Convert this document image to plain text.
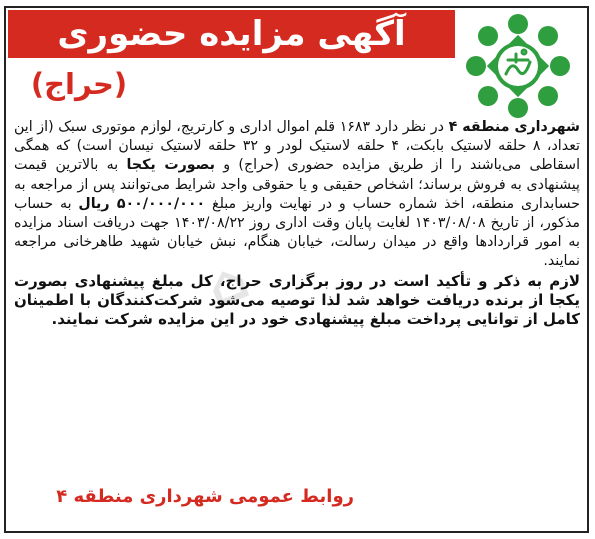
آگهی مزایده حضوری
(حراج)
⌂

شهرداری منطقه ۴ در نظر دارد ۱۶۸۳ قلم اموال اداری و کارتریج، لوازم موتوری سبک (از این تعداد، ۸ حلقه لاستیک بابکت، ۴ حلقه لاستیک لودر و ۳۲ حلقه لاستیک نیسان است) که همگی اسقاطی می‌باشند را از طریق مزایده حضوری (حراج) و بصورت یکجا به بالاترین قیمت پیشنهادی به فروش برساند؛ اشخاص حقیقی و یا حقوقی واجد شرایط می‌توانند پس از مراجعه به حسابداری منطقه، اخذ شماره حساب و در نهایت واریز مبلغ ۵۰۰/۰۰۰/۰۰۰ ریال به حساب مذکور، از تاریخ ۱۴۰۳/۰۸/۰۸ لغایت پایان وقت اداری روز ۱۴۰۳/۰۸/۲۲ جهت دریافت اسناد مزایده به امور قراردادها واقع در میدان رسالت، خیابان هنگام، نبش خیابان شهید طاهرخانی مراجعه نمایند.

لازم به ذکر و تأکید است در روز برگزاری حراج، کل مبلغ پیشنهادی بصورت یکجا از برنده دریافت خواهد شد لذا توصیه می‌شود شرکت‌کنندگان با اطمینان کامل از توانایی پرداخت مبلغ پیشنهادی خود در این مزایده شرکت نمایند.

روابط عمومی شهرداری منطقه ۴
